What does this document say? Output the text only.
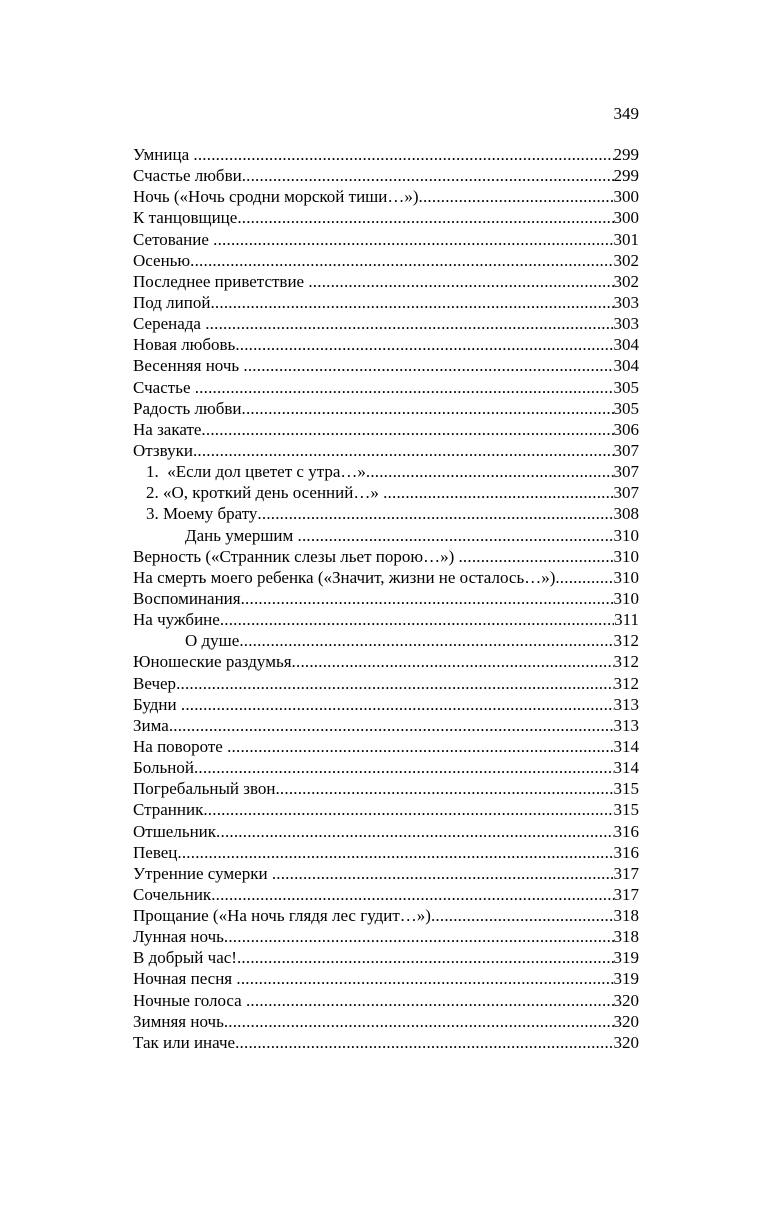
349
Умница .....	299
Счастье любви .....	299
Ночь («Ночь сродни морской тиши…») .....	300
К танцовщице .....	300
Сетование .....	301
Осенью .....	302
Последнее приветствие .....	302
Под липой .....	303
Серенада .....	303
Новая любовь .....	304
Весенняя ночь .....	304
Счастье .....	305
Радость любви .....	305
На закате .....	306
Отзвуки .....	307
1.  «Если дол цветет с утра…» .....	307
2. «О, кроткий день осенний…» .....	307
3. Моему брату .....	308
Дань умершим .....	310
Верность («Странник слезы льет порою…») .....	310
На смерть моего ребенка («Значит, жизни не осталось…») .....	310
Воспоминания .....	310
На чужбине .....	311
О душе .....	312
Юношеские раздумья .....	312
Вечер .....	312
Будни .....	313
Зима .....	313
На повороте .....	314
Больной .....	314
Погребальный звон .....	315
Странник .....	315
Отшельник .....	316
Певец .....	316
Утренние сумерки .....	317
Сочельник .....	317
Прощание («На ночь глядя лес гудит…») .....	318
Лунная ночь .....	318
В добрый час! .....	319
Ночная песня .....	319
Ночные голоса .....	320
Зимняя ночь .....	320
Так или иначе .....	320
